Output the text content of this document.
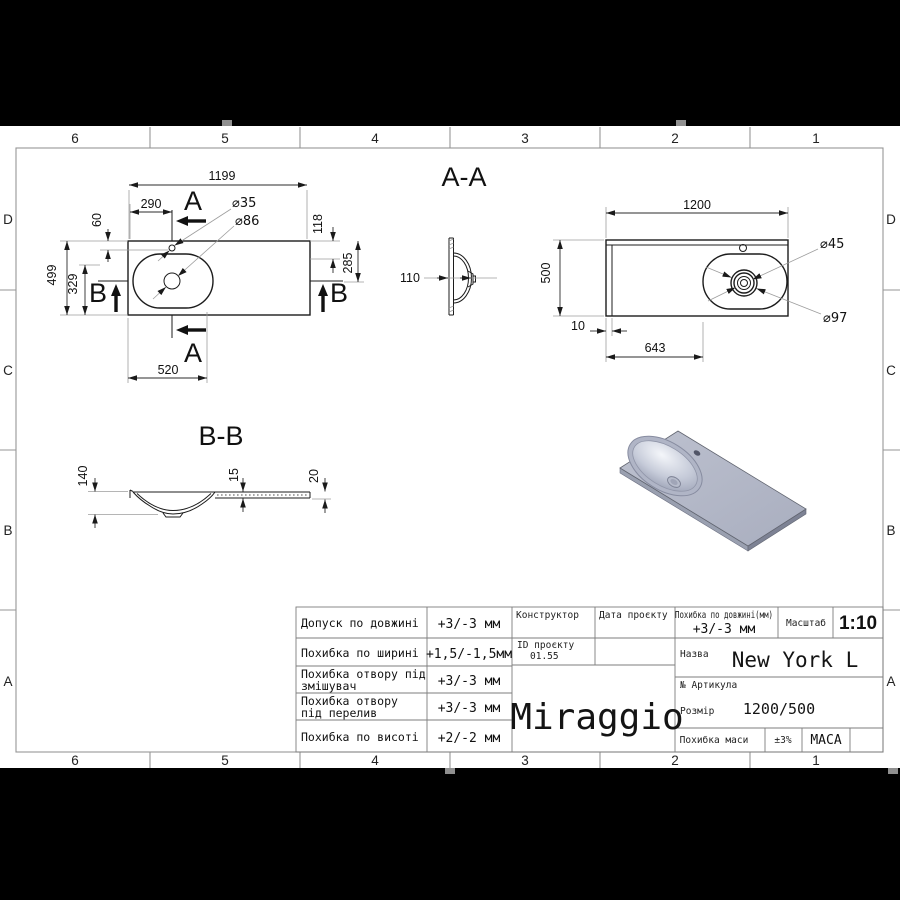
6	5	4	3	2	1
6	5	4	3	2	1
D
C
B
A
D
C
B
A
1199
290
60
499 329
118
285
520
A
A
B	B
⌀35
⌀86
A-A
110
1200
500
10
643
⌀45
⌀97
B-B
140	15	20
Допуск по довжині +3/-3 мм
Похибка по ширині +1,5/-1,5мм
Похибка отвору під
змішувач	+3/-3 мм
Похибка отвору
під перелив	+3/-3 мм
Похибка по висоті +2/-2 мм
Конструктор Дата проєкту
ID проєкту
01.55
Miraggio
Похибка по довжині(мм)
+3/-3 мм	Масштаб 1:10
Назва New York L
№ Артикула
Розмір 1200/500
Похибка маси	±3% МАСА
